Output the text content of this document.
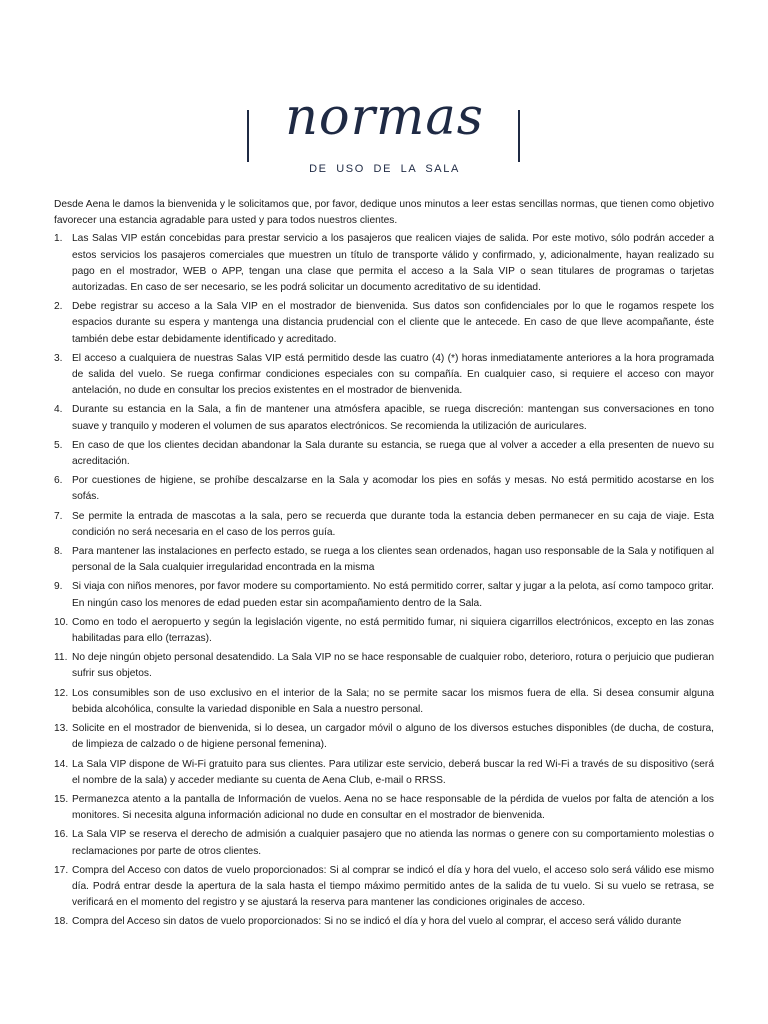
normas
DE USO DE LA SALA

Desde Aena le damos la bienvenida y le solicitamos que, por favor, dedique unos minutos a leer estas sencillas normas, que tienen como objetivo favorecer una estancia agradable para usted y para todos nuestros clientes.

1. Las Salas VIP están concebidas para prestar servicio a los pasajeros que realicen viajes de salida. Por este motivo, sólo podrán acceder a estos servicios los pasajeros comerciales que muestren un título de transporte válido y confirmado, y, adicionalmente, hayan realizado su pago en el mostrador, WEB o APP, tengan una clase que permita el acceso a la Sala VIP o sean titulares de programas o tarjetas autorizadas. En caso de ser necesario, se les podrá solicitar un documento acreditativo de su identidad.
2. Debe registrar su acceso a la Sala VIP en el mostrador de bienvenida. Sus datos son confidenciales por lo que le rogamos respete los espacios durante su espera y mantenga una distancia prudencial con el cliente que le antecede. En caso de que lleve acompañante, éste también debe estar debidamente identificado y acreditado.
3. El acceso a cualquiera de nuestras Salas VIP está permitido desde las cuatro (4) (*) horas inmediatamente anteriores a la hora programada de salida del vuelo. Se ruega confirmar condiciones especiales con su compañía. En cualquier caso, si requiere el acceso con mayor antelación, no dude en consultar los precios existentes en el mostrador de bienvenida.
4. Durante su estancia en la Sala, a fin de mantener una atmósfera apacible, se ruega discreción: mantengan sus conversaciones en tono suave y tranquilo y moderen el volumen de sus aparatos electrónicos. Se recomienda la utilización de auriculares.
5. En caso de que los clientes decidan abandonar la Sala durante su estancia, se ruega que al volver a acceder a ella presenten de nuevo su acreditación.
6. Por cuestiones de higiene, se prohíbe descalzarse en la Sala y acomodar los pies en sofás y mesas. No está permitido acostarse en los sofás.
7. Se permite la entrada de mascotas a la sala, pero se recuerda que durante toda la estancia deben permanecer en su caja de viaje. Esta condición no será necesaria en el caso de los perros guía.
8. Para mantener las instalaciones en perfecto estado, se ruega a los clientes sean ordenados, hagan uso responsable de la Sala y notifiquen al personal de la Sala cualquier irregularidad encontrada en la misma
9. Si viaja con niños menores, por favor modere su comportamiento. No está permitido correr, saltar y jugar a la pelota, así como tampoco gritar. En ningún caso los menores de edad pueden estar sin acompañamiento dentro de la Sala.
10. Como en todo el aeropuerto y según la legislación vigente, no está permitido fumar, ni siquiera cigarrillos electrónicos, excepto en las zonas habilitadas para ello (terrazas).
11. No deje ningún objeto personal desatendido. La Sala VIP no se hace responsable de cualquier robo, deterioro, rotura o perjuicio que pudieran sufrir sus objetos.
12. Los consumibles son de uso exclusivo en el interior de la Sala; no se permite sacar los mismos fuera de ella. Si desea consumir alguna bebida alcohólica, consulte la variedad disponible en Sala a nuestro personal.
13. Solicite en el mostrador de bienvenida, si lo desea, un cargador móvil o alguno de los diversos estuches disponibles (de ducha, de costura, de limpieza de calzado o de higiene personal femenina).
14. La Sala VIP dispone de Wi-Fi gratuito para sus clientes. Para utilizar este servicio, deberá buscar la red Wi-Fi a través de su dispositivo (será el nombre de la sala) y acceder mediante su cuenta de Aena Club, e-mail o RRSS.
15. Permanezca atento a la pantalla de Información de vuelos. Aena no se hace responsable de la pérdida de vuelos por falta de atención a los monitores. Si necesita alguna información adicional no dude en consultar en el mostrador de bienvenida.
16. La Sala VIP se reserva el derecho de admisión a cualquier pasajero que no atienda las normas o genere con su comportamiento molestias o reclamaciones por parte de otros clientes.
17. Compra del Acceso con datos de vuelo proporcionados: Si al comprar se indicó el día y hora del vuelo, el acceso solo será válido ese mismo día. Podrá entrar desde la apertura de la sala hasta el tiempo máximo permitido antes de la salida de tu vuelo. Si su vuelo se retrasa, se verificará en el momento del registro y se ajustará la reserva para mantener las condiciones originales de acceso.
18. Compra del Acceso sin datos de vuelo proporcionados: Si no se indicó el día y hora del vuelo al comprar, el acceso será válido durante
